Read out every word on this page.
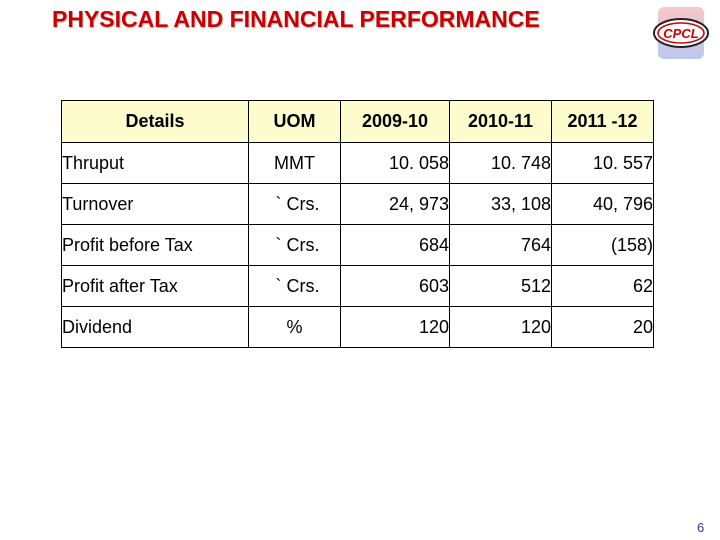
PHYSICAL AND FINANCIAL PERFORMANCE
CPCL
Details	UOM	2009-10	2010-11	2011 -12
Thruput	MMT	10. 058	10. 748	10. 557
Turnover	` Crs.	24, 973	33, 108	40, 796
Profit before Tax	` Crs.	684	764	(158)
Profit after Tax	` Crs.	603	512	62
Dividend	%	120	120	20
6
